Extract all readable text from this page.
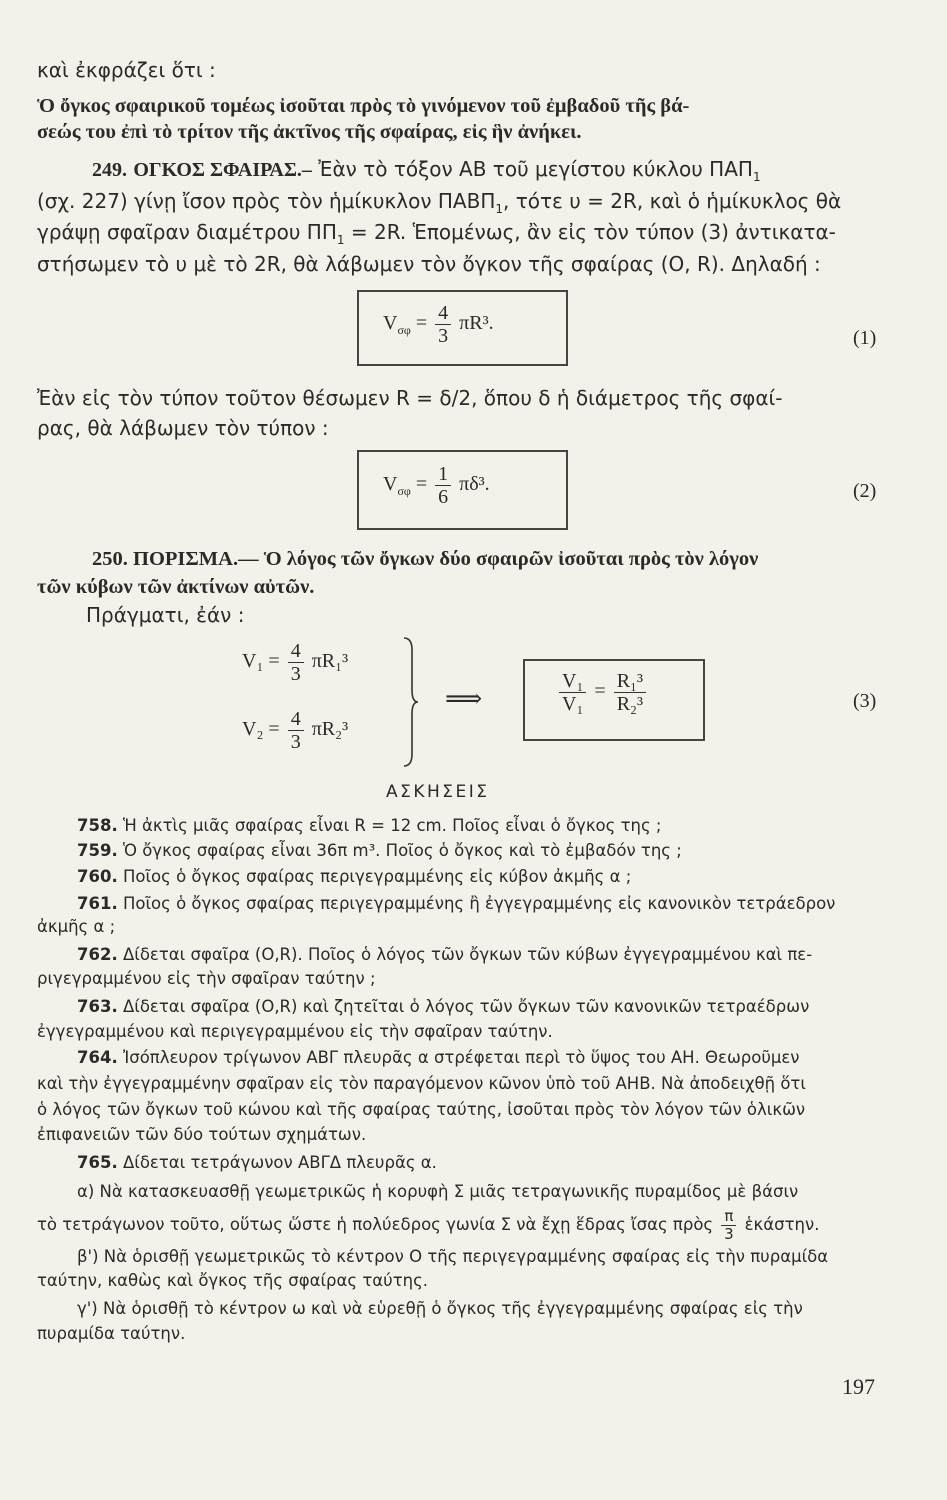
καὶ ἐκφράζει ὅτι :
Ὁ ὄγκος σφαιρικοῦ τομέως ἰσοῦται πρὸς τὸ γινόμενον τοῦ ἐμβαδοῦ τῆς βά-
σεώς του ἐπὶ τὸ τρίτον τῆς ἀκτῖνος τῆς σφαίρας, εἰς ἣν ἀνήκει.
249. ΟΓΚΟΣ ΣΦΑΙΡΑΣ.– Ἐὰν τὸ τόξον ΑΒ τοῦ μεγίστου κύκλου $\Pi A\Pi_1$
(σχ. 227) γίνῃ ἴσον πρὸς τὸν ἡμίκυκλον $\Pi AB\Pi_1$, τότε υ = 2R, καὶ ὁ ἡμίκυκλος θὰ
γράψῃ σφαῖραν διαμέτρου $\Pi\Pi_1 = 2R$. Ἑπομένως, ἂν εἰς τὸν τύπον (3) ἀντικατα-
στήσωμεν τὸ υ μὲ τὸ 2R, θὰ λάβωμεν τὸν ὄγκον τῆς σφαίρας (O, R). Δηλαδή :
$V_{\sigma\varphi} = \frac{4}{3} \pi R^3$.
(1)
Ἐὰν εἰς τὸν τύπον τοῦτον θέσωμεν R = δ/2, ὅπου δ ἡ διάμετρος τῆς σφαί-
ρας, θὰ λάβωμεν τὸν τύπον :
$V_{\sigma\varphi} = \frac{1}{6} \pi\delta^3$.	(2)
250. ΠΟΡΙΣΜΑ.— Ὁ λόγος τῶν ὄγκων δύο σφαιρῶν ἰσοῦται πρὸς τὸν λόγον
τῶν κύβων τῶν ἀκτίνων αὐτῶν.
Πράγματι, ἐάν :
$V_1 = \frac{4}{3} \pi R_1^3$
$V_2 = \frac{4}{3} \pi R_2^3$
⟹	$\frac{\text{V₁}}{\text{V₁}} = \frac{\text{R₁³}}{\text{R₂³}}$	(3)
ΑΣΚΗΣΕΙΣ
758. Ἡ ἀκτὶς μιᾶς σφαίρας εἶναι R = 12 cm. Ποῖος εἶναι ὁ ὄγκος της ;
759. Ὁ ὄγκος σφαίρας εἶναι 36π m³. Ποῖος ὁ ὄγκος καὶ τὸ ἐμβαδόν της ;
760. Ποῖος ὁ ὄγκος σφαίρας περιγεγραμμένης εἰς κύβον ἀκμῆς α ;
761. Ποῖος ὁ ὄγκος σφαίρας περιγεγραμμένης ἢ ἐγγεγραμμένης εἰς κανονικὸν τετράεδρον
ἀκμῆς α ;
762. Δίδεται σφαῖρα (O,R). Ποῖος ὁ λόγος τῶν ὄγκων τῶν κύβων ἐγγεγραμμένου καὶ πε-
ριγεγραμμένου εἰς τὴν σφαῖραν ταύτην ;
763. Δίδεται σφαῖρα (O,R) καὶ ζητεῖται ὁ λόγος τῶν ὄγκων τῶν κανονικῶν τετραέδρων
ἐγγεγραμμένου καὶ περιγεγραμμένου εἰς τὴν σφαῖραν ταύτην.
764. Ἰσόπλευρον τρίγωνον ΑΒΓ πλευρᾶς α στρέφεται περὶ τὸ ὕψος του ΑΗ. Θεωροῦμεν
καὶ τὴν ἐγγεγραμμένην σφαῖραν εἰς τὸν παραγόμενον κῶνον ὑπὸ τοῦ ΑΗΒ. Νὰ ἀποδειχθῇ ὅτι
ὁ λόγος τῶν ὄγκων τοῦ κώνου καὶ τῆς σφαίρας ταύτης, ἰσοῦται πρὸς τὸν λόγον τῶν ὁλικῶν
ἐπιφανειῶν τῶν δύο τούτων σχημάτων.
765. Δίδεται τετράγωνον ΑΒΓΔ πλευρᾶς α.
α) Νὰ κατασκευασθῇ γεωμετρικῶς ἡ κορυφὴ Σ μιᾶς τετραγωνικῆς πυραμίδος μὲ βάσιν
τὸ τετράγωνον τοῦτο, οὕτως ὥστε ἡ πολύεδρος γωνία Σ νὰ ἔχῃ ἕδρας ἴσας πρὸς $\frac{\pi}{3}$ ἑκάστην.
β') Νὰ ὁρισθῇ γεωμετρικῶς τὸ κέντρον Ο τῆς περιγεγραμμένης σφαίρας εἰς τὴν πυραμίδα
ταύτην, καθὼς καὶ ὄγκος τῆς σφαίρας ταύτης.
γ') Νὰ ὁρισθῇ τὸ κέντρον ω καὶ νὰ εὑρεθῇ ὁ ὄγκος τῆς ἐγγεγραμμένης σφαίρας εἰς τὴν
πυραμίδα ταύτην.
197
